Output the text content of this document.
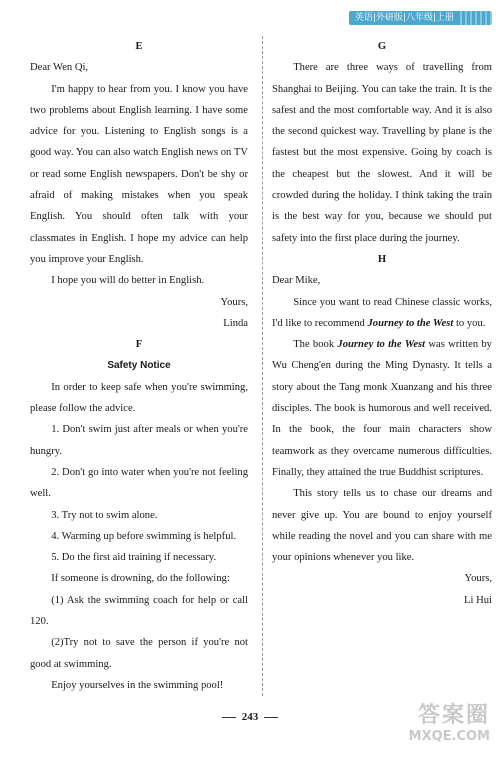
英语|外研版|八年级|上册

E

Dear Wen Qi,

I'm happy to hear from you. I know you have two problems about English learning. I have some advice for you. Listening to English songs is a good way. You can also watch English news on TV or read some English newspapers. Don't be shy or afraid of making mistakes when you speak English. You should often talk with your classmates in English. I hope my advice can help you improve your English.

I hope you will do better in English.

Yours,

Linda

F

Safety Notice

In order to keep safe when you're swimming, please follow the advice.

1. Don't swim just after meals or when you're hungry.

2. Don't go into water when you're not feeling well.

3. Try not to swim alone.

4. Warming up before swimming is helpful.

5. Do the first aid training if necessary.

If someone is drowning, do the following:

(1) Ask the swimming coach for help or call 120.

(2)Try not to save the person if you're not good at swimming.

Enjoy yourselves in the swimming pool!

G

There are three ways of travelling from Shanghai to Beijing. You can take the train. It is the safest and the most comfortable way. And it is also the second quickest way. Travelling by plane is the fastest but the most expensive. Going by coach is the cheapest but the slowest. And it will be crowded during the holiday. I think taking the train is the best way for you, because we should put safety into the first place during the journey.

H

Dear Mike,

Since you want to read Chinese classic works, I'd like to recommend Journey to the West to you.

The book Journey to the West was written by Wu Cheng'en during the Ming Dynasty. It tells a story about the Tang monk Xuanzang and his three disciples. The book is humorous and well received. In the book, the four main characters show teamwork as they overcame numerous difficulties. Finally, they attained the true Buddhist scriptures.

This story tells us to chase our dreams and never give up. You are bound to enjoy yourself while reading the novel and you can share with me your opinions whenever you like.

Yours,

Li Hui

243	答案圈
MXQE.COM
